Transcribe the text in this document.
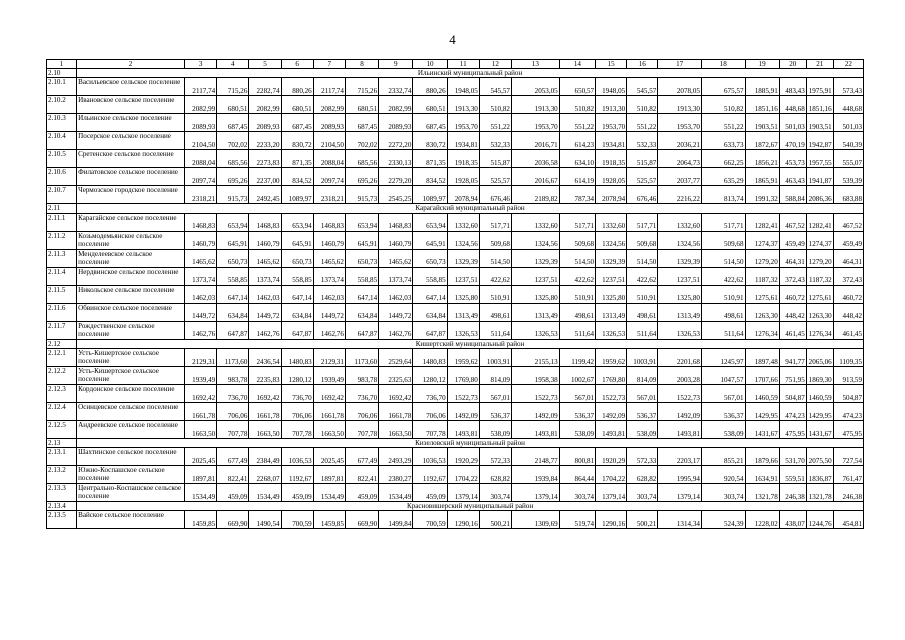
4
1	2	3	4	5	6	7	8	9	10	11	12	13	14	15	16	17	18	19	20	21	22
2.10	Ильинский муниципальный район																				
2.10.1	Васильевское сельское поселение	2117,74	715,26	2282,74	880,26	2117,74	715,26	2332,74	880,26	1948,05	545,57	2053,05	650,57	1948,05	545,57	2078,05	675,57	1885,91	483,43	1975,91	573,43
2.10.2	Ивановское сельское поселение	2082,99	680,51	2082,99	680,51	2082,99	680,51	2082,99	680,51	1913,30	510,82	1913,30	510,82	1913,30	510,82	1913,30	510,82	1851,16	448,68	1851,16	448,68
2.10.3	Ильинское сельское поселение	2089,93	687,45	2089,93	687,45	2089,93	687,45	2089,93	687,45	1953,70	551,22	1953,70	551,22	1953,70	551,22	1953,70	551,22	1903,51	501,03	1903,51	501,03
2.10.4	Посерское сельское поселение	2104,50	702,02	2233,20	830,72	2104,50	702,02	2272,20	830,72	1934,81	532,33	2016,71	614,23	1934,81	532,33	2036,21	633,73	1872,67	470,19	1942,87	540,39
2.10.5	Сретенское сельское поселение	2088,04	685,56	2273,83	871,35	2088,04	685,56	2330,13	871,35	1918,35	515,87	2036,58	634,10	1918,35	515,87	2064,73	662,25	1856,21	453,73	1957,55	555,07
2.10.6	Филатовское сельское поселение	2097,74	695,26	2237,00	834,52	2097,74	695,26	2279,20	834,52	1928,05	525,57	2016,67	614,19	1928,05	525,57	2037,77	635,29	1865,91	463,43	1941,87	539,39
2.10.7	Чермозское городское поселение	2318,21	915,73	2492,45	1089,97	2318,21	915,73	2545,25	1089,97	2078,94	676,46	2189,82	787,34	2078,94	676,46	2216,22	813,74	1991,32	588,84	2086,36	683,88
2.11	Карагайский муниципальный район																				
2.11.1	Карагайское сельское поселение	1468,83	653,94	1468,83	653,94	1468,83	653,94	1468,83	653,94	1332,60	517,71	1332,60	517,71	1332,60	517,71	1332,60	517,71	1282,41	467,52	1282,41	467,52
2.11.2	Козьмодемьянское сельское поселение	1460,79	645,91	1460,79	645,91	1460,79	645,91	1460,79	645,91	1324,56	509,68	1324,56	509,68	1324,56	509,68	1324,56	509,68	1274,37	459,49	1274,37	459,49
2.11.3	Менделеевское сельское поселение	1465,62	650,73	1465,62	650,73	1465,62	650,73	1465,62	650,73	1329,39	514,50	1329,39	514,50	1329,39	514,50	1329,39	514,50	1279,20	464,31	1279,20	464,31
2.11.4	Нердвинское сельское поселение	1373,74	558,85	1373,74	558,85	1373,74	558,85	1373,74	558,85	1237,51	422,62	1237,51	422,62	1237,51	422,62	1237,51	422,62	1187,32	372,43	1187,32	372,43
2.11.5	Никольское сельское поселение	1462,03	647,14	1462,03	647,14	1462,03	647,14	1462,03	647,14	1325,80	510,91	1325,80	510,91	1325,80	510,91	1325,80	510,91	1275,61	460,72	1275,61	460,72
2.11.6	Обвинское сельское поселение	1449,72	634,84	1449,72	634,84	1449,72	634,84	1449,72	634,84	1313,49	498,61	1313,49	498,61	1313,49	498,61	1313,49	498,61	1263,30	448,42	1263,30	448,42
2.11.7	Рождественское сельское поселение	1462,76	647,87	1462,76	647,87	1462,76	647,87	1462,76	647,87	1326,53	511,64	1326,53	511,64	1326,53	511,64	1326,53	511,64	1276,34	461,45	1276,34	461,45
2.12	Кишертский муниципальный район																				
2.12.1	Усть-Кишертское сельское поселение	2129,31	1173,60	2436,54	1480,83	2129,31	1173,60	2529,64	1480,83	1959,62	1003,91	2155,13	1199,42	1959,62	1003,91	2201,68	1245,97	1897,48	941,77	2065,06	1109,35
2.12.2	Усть-Кишертское сельское поселение	1939,49	983,78	2235,83	1280,12	1939,49	983,78	2325,63	1280,12	1769,80	814,09	1958,38	1002,67	1769,80	814,09	2003,28	1047,57	1707,66	751,95	1869,30	913,59
2.12.3	Кордонское сельское поселение	1692,42	736,70	1692,42	736,70	1692,42	736,70	1692,42	736,70	1522,73	567,01	1522,73	567,01	1522,73	567,01	1522,73	567,01	1460,59	504,87	1460,59	504,87
2.12.4	Осинцевское сельское поселение	1661,78	706,06	1661,78	706,06	1661,78	706,06	1661,78	706,06	1492,09	536,37	1492,09	536,37	1492,09	536,37	1492,09	536,37	1429,95	474,23	1429,95	474,23
2.12.5	Андреевское сельское поселение	1663,50	707,78	1663,50	707,78	1663,50	707,78	1663,50	707,78	1493,81	538,09	1493,81	538,09	1493,81	538,09	1493,81	538,09	1431,67	475,95	1431,67	475,95
2.13	Кизеловский муниципальный район																				
2.13.1	Шахтинское сельское поселение	2025,45	677,49	2384,49	1036,53	2025,45	677,49	2493,29	1036,53	1920,29	572,33	2148,77	800,81	1920,29	572,33	2203,17	855,21	1879,66	531,70	2075,50	727,54
2.13.2	Южно-Коспашское сельское поселение	1897,81	822,41	2268,07	1192,67	1897,81	822,41	2380,27	1192,67	1704,22	628,82	1939,84	864,44	1704,22	628,82	1995,94	920,54	1634,91	559,51	1836,87	761,47
2.13.3	Центрально-Коспашское сельское поселение	1534,49	459,09	1534,49	459,09	1534,49	459,09	1534,49	459,09	1379,14	303,74	1379,14	303,74	1379,14	303,74	1379,14	303,74	1321,78	246,38	1321,78	246,38
2.13.4	Красновишерский муниципальный район																				
2.13.5	Вайское сельское поселение	1459,85	669,90	1490,54	700,59	1459,85	669,90	1499,84	700,59	1290,16	500,21	1309,69	519,74	1290,16	500,21	1314,34	524,39	1228,02	438,07	1244,76	454,81
